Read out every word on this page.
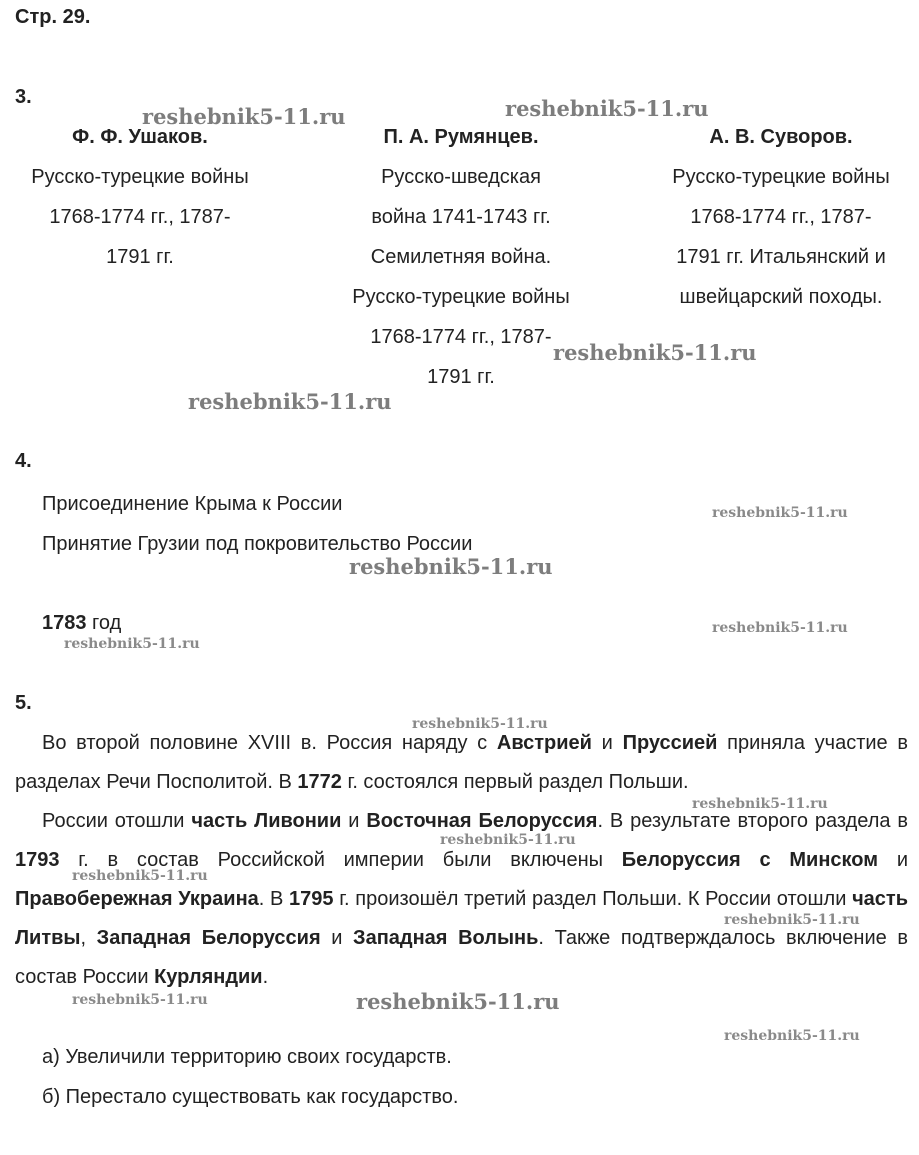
Стр. 29.
3.
Ф. Ф. Ушаков.
Русско-турецкие войны
1768-1774 гг., 1787-
1791 гг.
П. А. Румянцев.
Русско-шведская
война 1741-1743 гг.
Семилетняя война.
Русско-турецкие войны
1768-1774 гг., 1787-
1791 гг.
А. В. Суворов.
Русско-турецкие войны
1768-1774 гг., 1787-
1791 гг. Итальянский и
швейцарский походы.
4.
Присоединение Крыма к России
Принятие Грузии под покровительство России
1783 год
5.

Во второй половине XVIII в. Россия наряду с Австрией и Пруссией приняла участие в разделах Речи Посполитой. В 1772 г. состоялся первый раздел Польши.

России отошли часть Ливонии и Восточная Белоруссия. В результате второго раздела в 1793 г. в состав Российской империи были включены Белоруссия с Минском и Правобережная Украина. В 1795 г. произошёл третий раздел Польши. К России отошли часть Литвы, Западная Белоруссия и Западная Волынь. Также подтверждалось включение в состав России Курляндии.

а) Увеличили территорию своих государств.
б) Перестало существовать как государство.
reshebnik5-11.ru	reshebnik5-11.ru
reshebnik5-11.ru
reshebnik5-11.ru
reshebnik5-11.ru
reshebnik5-11.ru
reshebnik5-11.ru
reshebnik5-11.ru
reshebnik5-11.ru
reshebnik5-11.ru
reshebnik5-11.ru
reshebnik5-11.ru
reshebnik5-11.ru
reshebnik5-11.ru	reshebnik5-11.ru
reshebnik5-11.ru
